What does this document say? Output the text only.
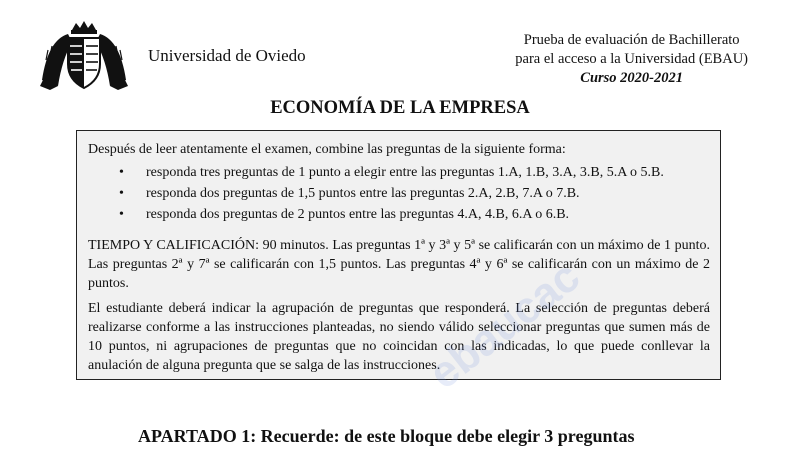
Universidad de Oviedo
Prueba de evaluación de Bachillerato
para el acceso a la Universidad (EBAU)
Curso 2020-2021
ECONOMÍA DE LA EMPRESA
Después de leer atentamente el examen, combine las preguntas de la siguiente forma:
• responda tres preguntas de 1 punto a elegir entre las preguntas 1.A, 1.B, 3.A, 3.B, 5.A o 5.B.
• responda dos preguntas de 1,5 puntos entre las preguntas 2.A, 2.B, 7.A o 7.B.
• responda dos preguntas de 2 puntos entre las preguntas 4.A, 4.B, 6.A o 6.B.
TIEMPO Y CALIFICACIÓN: 90 minutos. Las preguntas 1ª y 3ª y 5ª se calificarán con un máximo de 1 punto. Las preguntas 2ª y 7ª se calificarán con 1,5 puntos. Las preguntas 4ª y 6ª se calificarán con un máximo de 2 puntos.
El estudiante deberá indicar la agrupación de preguntas que responderá. La selección de preguntas deberá realizarse conforme a las instrucciones planteadas, no siendo válido seleccionar preguntas que sumen más de 10 puntos, ni agrupaciones de preguntas que no coincidan con las indicadas, lo que puede conllevar la anulación de alguna pregunta que se salga de las instrucciones.
ebaucac
APARTADO 1: Recuerde: de este bloque debe elegir 3 preguntas
